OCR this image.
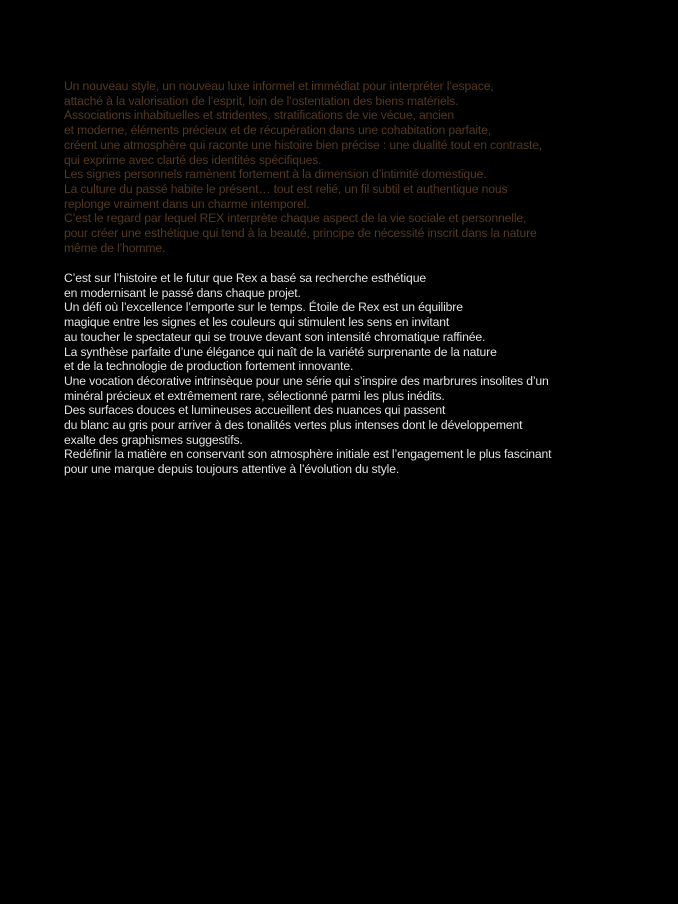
Un nouveau style, un nouveau luxe informel et immédiat pour interpréter l’espace,
attaché à la valorisation de l’esprit, loin de l’ostentation des biens matériels.
Associations inhabituelles et stridentes, stratifications de vie vécue, ancien
et moderne, éléments précieux et de récupération dans une cohabitation parfaite,
créent une atmosphère qui raconte une histoire bien précise : une dualité tout en contraste,
qui exprime avec clarté des identités spécifiques.
Les signes personnels ramènent fortement à la dimension d’intimité domestique.
La culture du passé habite le présent… tout est relié, un fil subtil et authentique nous
replonge vraiment dans un charme intemporel.
C’est le regard par lequel REX interprète chaque aspect de la vie sociale et personnelle,
pour créer une esthétique qui tend à la beauté, principe de nécessité inscrit dans la nature
même de l’homme.
C’est sur l’histoire et le futur que Rex a basé sa recherche esthétique
en modernisant le passé dans chaque projet.
Un défi où l’excellence l’emporte sur le temps. Étoile de Rex est un équilibre
magique entre les signes et les couleurs qui stimulent les sens en invitant
au toucher le spectateur qui se trouve devant son intensité chromatique raffinée.
La synthèse parfaite d’une élégance qui naît de la variété surprenante de la nature
et de la technologie de production fortement innovante.
Une vocation décorative intrinsèque pour une série qui s’inspire des marbrures insolites d’un
minéral précieux et extrêmement rare, sélectionné parmi les plus inédits.
Des surfaces douces et lumineuses accueillent des nuances qui passent
du blanc au gris pour arriver à des tonalités vertes plus intenses dont le développement
exalte des graphismes suggestifs.
Redéfinir la matière en conservant son atmosphère initiale est l’engagement le plus fascinant
pour une marque depuis toujours attentive à l’évolution du style.
